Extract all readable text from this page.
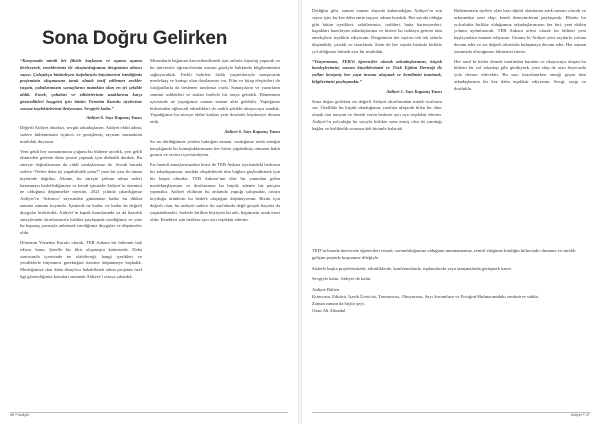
Sona Doğru Gelirken

“Karşınızda minik bir fikirle başlayan ve aşama aşama ilerleyerek, emeklerimiz ile oluşturduğumuz dergimizin altıncı sayısı. Çalıştıkça bütünleşen kafalarıyla büyümesini istediğimiz projemizin oluşmasına tanık olmak tarif edilemez zevkler yaşattı, çabalarımızın sonuçlarını mümkün olan en iyi şekilde aldık. Emek, çabaları ve editörlerinin uzaklarına karşı gösterdikleri hoşgörü için bütün Yönetim Kurulu üyelerime sonsuz teşekkürlerimi iletiyorum. Sevgiyle kalın.”

Aidiyet 6. Sayı Kapanış Yazısı

Değerli Aidiyet okurları, sevgili arkadaşlarım. Aidiyet ekibi adına, sizlere bültenimizin üçüncü ve genişlemiş sayısını sunmaktan mutluluk duyarım.

Yeni geldi bey zamanımızın çoğunu bu bültene ayırdık, yeri geldi elimizden gelenin daha iyisini yapmak için didindik durduk. Bu süreçte doğrularımızı da ciddi yanlışlarımız da. Ancak burada sizlere “Neleri daha iyi yapabilirdik yahu?” tarzı bir yazı ile tutma niyetinde değilim. Aksine, bu süreçte şahsım adına neleri kazanmayı hedeflediğimize ve kendi içimizde Aidiyet’in önemini ne olduğunu değinmekle niyetim. 2021 yılında çıkardığımız Aidiyet’in ‘Sıfırıncı’ sayısından günümüze kadar bu dikkat zamanı zamanı koyunda. İçimizde ne kadar, ne kadar da değerli duygular biriktirdik. Aidiyet’in kapak konularında ya da hazırlık süreçlerinde okurlarımızla birlikte paylaşmak istediğimiz ve yine bu kapanış yazısıyla anlatmak istediğimiz duygular ve düşünceler oldu.

Dönemin Yönetim Kurulu olarak, TEB Ankara bir bültenin hak ediyor bunu. Şerefle bir fikir oluşmuştu kafamızda. Daha sonrasında içerisinde ne olabileceği, hangi içerikleri ve yeniliklerle büyümesi gerektiğini üzerine düşünmeye başladık. Mesleğimize dair daha detaylıca bakabilmek adına projenin özel ilgi gösterdiğimiz konuları sonunda Aidiyet’i ortaya çıkardık.

Mezunlarla bağımızı kuvvetlendirmek için onlarla röportaj yapacak ve bu üniversite öğrencilerinin mezun gözüyle hakkında bilgilenmesini sağlayacaktık. Farklı hobileri farklı yaşantılarıyla tanıştırarak meslektaş ve komşu olan dostlarımız var. Film ve kitap eleştirileri ile fotoğraflarla da beslenen tarafımız vardı. Sanatçıların ve yazarların samimi sohbetleri ve anıları bizlerle bir araya getirdik. Döneminin içerisinde ne yaptığımız zaman zaman akla gelebilir. Yaptığımız birbirinden eğlenceli etkinlikleri de renkli şekilde okuyucuya sunduk. Yaşadığımız bu süreçte ekibe katılan yeni dostlarla büyümeye devam ettik.

Aidiyet 6. Sayı Kapanış Yazısı

Su an dürdüğümüz yerden baktığım zaman, vardığımız tonla emeğin karşılığında bu konuştuklarımızın her birini yapabilmiş olmanın haklı gururu ve sevinci içerisindeyim.

En önemli amaçlarımızdan birisi de TEB Ankara içerisindeki herkesin bir arkadaşımızın, aradaki oluşabilecek tüm bağları güçlendirmek için bir köprü olmaktı. TEB Ankara’nın dört bir yanından gelen meslektaşlarımızı ve dostlarımızı bu büyük ailenin bir parçası yapmaktı. Aidiyet ekibinin bu anlamda yaptığı çalışmalar, ortaya koyduğu ürünlerin bu hedefe ulaştığını düşünüyorum. Bizim için değerli olan, bu aidiyeti sadece bu sayfalarda değil gerçek hayatta da yaşatabilmekti. Sizlerle birlikte büyüyen bu aile, hepimizin ortak eseri oldu. Emekleri için herkese ayrı ayrı teşekkür ederim.

46 ▪ Aidiyet

Dediğim gibi, zaman zaman duyuda kalamadığım Aidiyet’in son sayısı için, bu kez daha emin taşıyor adıma koyduk. Her sayıda olduğu gibi bütün içerikleri, sabitlerimizi, tarihleri, hatta kartezyenleri, kapakları hazırlayan arkadaşlarıma ve bizleri bu noktaya getiren tüm emekçilere teşekkür ediyorum. Dergimizin her sayfası tek tek sabırla düşünüldü, yazıldı ve tasarlandı. Sizin de her sayıda bizimle birlikte yol aldığınızı bilmek ayrı bir mutluluk.

“Yüzyenımızı, TEB’li öğrenciler olarak arkadaşlarımızı, küçük kardeşlerimizi, mezun büyüklerimizi ve Türk Eğitim Derneği ile yollan kesişmiş her yaşıt insana ulaşmak ve kendimizi tanıtmak, bilgilerimizi paylaşmaktı.”

Aidiyet 1. Sayı Kapanış Yazısı

Sona doğru gelirken siz değerli Aidiyet okurlarından minik ricalarım var. Özellikle bu küçük okuduğunuz yazılara ulaşarak bilen bir okur olarak sizi tanıyan ve destek veren herkese ayrı ayrı teşekkür ederim. Aidiyet’in yolculuğu bu sayıyla birlikte sona ermiş olsa da yarattığı bağlar ve birliktelik sonsuza dek bizimle kalacak.

Bültenimizin üyeleri olan bazı dijital olanlarına artık mezun olacak ve arkasından yeni ekip, kendi deneyimlerini paylaşacak. Elbette bu yolculukta birlikte olduğumuz arkadaşlarımızın her biri, yeni ekibin yolunu aydınlatacak. TEB Ankara ailesi olarak bu bülteni yeni başlayanlara emanet ediyoruz. Umarız ki Aidiyet yeni sayılarla yoluna devam eder ve siz değerli okurlarla buluşmaya devam eder. Her zaman yanınızda olacağımızı bilmenizi isteriz.

Her nasıl ki bizler dernek tarafından kurulan ve okuyucuya ulaşan bu bülteni bir yol arkadaşı gibi gördüysek, yeni ekip de aynı heyecanla yola devam edecektir. Bu sayı hazırlanırken emeği geçen tüm arkadaşlarıma bir kez daha teşekkür ediyorum. Sevgi, saygı ve dostlukla.

TED’in burada üniversite öğrencileri olarak, sorumluluğumuz olduğunu unutmamamız, temsil ettiğimiz kimliğin bilincinde olmamız ve sürekli gelişim peşinde koşmamız dileğiyle.

Sizlerle başka projelerimizde, etkinliklerde, konferanslarda, toplantılarda veya tanışmalarda görüşmek üzere.

Sevgiyle kalın, Aidiyet ile kalın.

Aidiyet Bülten
Kurucusu, Editörü, İçerik Üreticisi, Tasarımcısı, Okuyucusu, Sayı Sorumlusu ve Fotoğraf-Bulmacamdaki zımbırtıve sahibi.
Zaman zaman da hiçbir şeyi.
Ozan Ali Altundal
Aidiyet ▪ 47
